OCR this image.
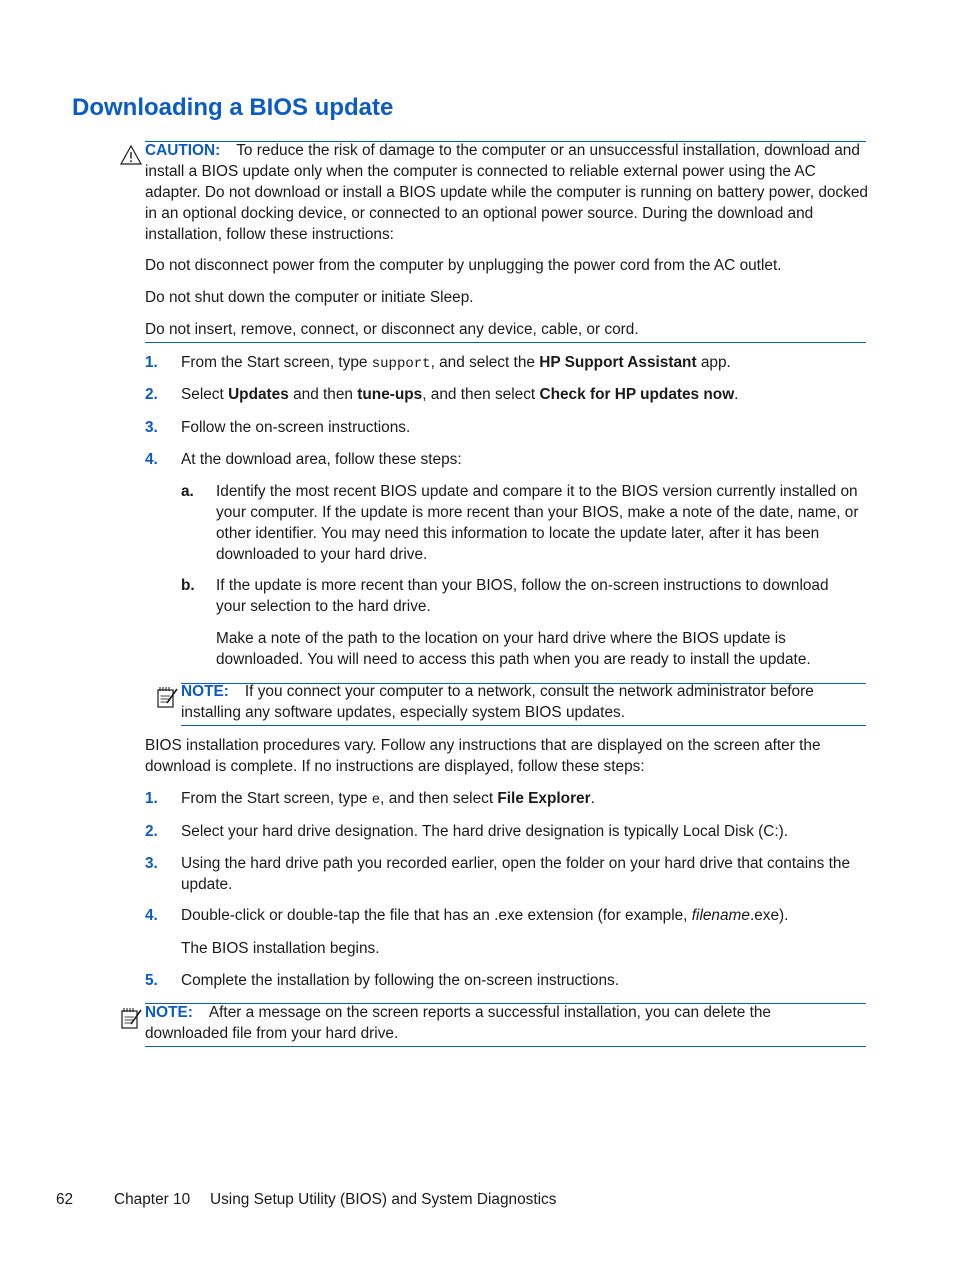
Downloading a BIOS update
CAUTION: To reduce the risk of damage to the computer or an unsuccessful installation, download and install a BIOS update only when the computer is connected to reliable external power using the AC adapter. Do not download or install a BIOS update while the computer is running on battery power, docked in an optional docking device, or connected to an optional power source. During the download and installation, follow these instructions:
Do not disconnect power from the computer by unplugging the power cord from the AC outlet.
Do not shut down the computer or initiate Sleep.
Do not insert, remove, connect, or disconnect any device, cable, or cord.
1. From the Start screen, type support, and select the HP Support Assistant app.
2. Select Updates and then tune-ups, and then select Check for HP updates now.
3. Follow the on-screen instructions.
4. At the download area, follow these steps:
a. Identify the most recent BIOS update and compare it to the BIOS version currently installed on your computer. If the update is more recent than your BIOS, make a note of the date, name, or other identifier. You may need this information to locate the update later, after it has been downloaded to your hard drive.
b. If the update is more recent than your BIOS, follow the on-screen instructions to download your selection to the hard drive.
Make a note of the path to the location on your hard drive where the BIOS update is downloaded. You will need to access this path when you are ready to install the update.
NOTE: If you connect your computer to a network, consult the network administrator before installing any software updates, especially system BIOS updates.
BIOS installation procedures vary. Follow any instructions that are displayed on the screen after the download is complete. If no instructions are displayed, follow these steps:
1. From the Start screen, type e, and then select File Explorer.
2. Select your hard drive designation. The hard drive designation is typically Local Disk (C:).
3. Using the hard drive path you recorded earlier, open the folder on your hard drive that contains the update.
4. Double-click or double-tap the file that has an .exe extension (for example, filename.exe).
The BIOS installation begins.
5. Complete the installation by following the on-screen instructions.
NOTE: After a message on the screen reports a successful installation, you can delete the downloaded file from your hard drive.
62	Chapter 10 Using Setup Utility (BIOS) and System Diagnostics
